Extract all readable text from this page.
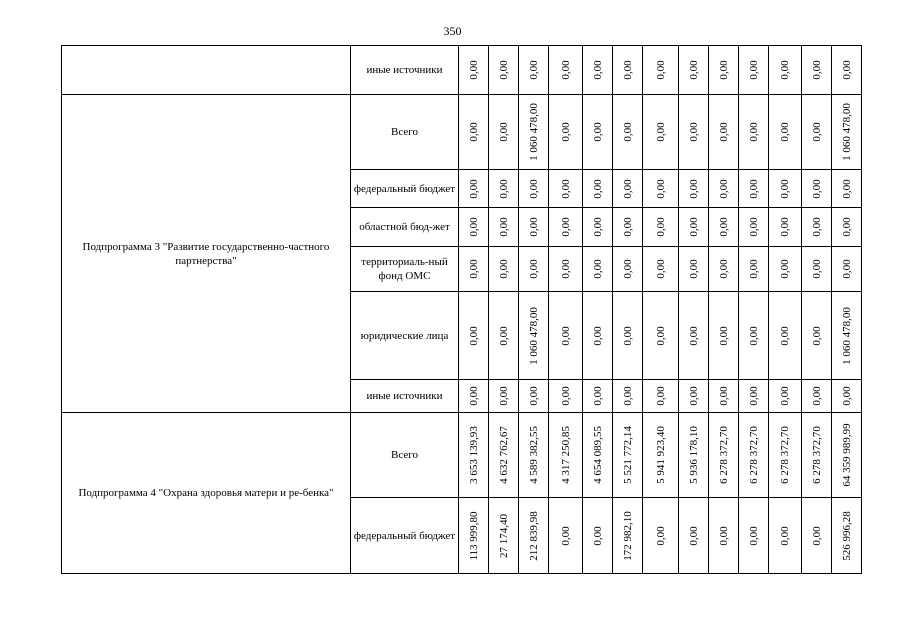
350
	иные источники	0,00	0,00	0,00	0,00	0,00	0,00	0,00	0,00	0,00	0,00	0,00	0,00	0,00

Подпрограмма 3 "Развитие государственно-частного партнерства"	Всего	0,00	0,00	1 060 478,00	0,00	0,00	0,00	0,00	0,00	0,00	0,00	0,00	0,00	1 060 478,00

	федеральный бюджет	0,00	0,00	0,00	0,00	0,00	0,00	0,00	0,00	0,00	0,00	0,00	0,00	0,00

	областной бюд-жет	0,00	0,00	0,00	0,00	0,00	0,00	0,00	0,00	0,00	0,00	0,00	0,00	0,00

	территориаль-ный фонд ОМС	0,00	0,00	0,00	0,00	0,00	0,00	0,00	0,00	0,00	0,00	0,00	0,00	0,00

	юридические лица	0,00	0,00	1 060 478,00	0,00	0,00	0,00	0,00	0,00	0,00	0,00	0,00	0,00	1 060 478,00

	иные источники	0,00	0,00	0,00	0,00	0,00	0,00	0,00	0,00	0,00	0,00	0,00	0,00	0,00

Подпрограмма 4 "Охрана здоровья матери и ре-бенка"	Всего	3 653 139,93	4 632 762,67	4 589 382,55	4 317 250,85	4 654 089,55	5 521 772,14	5 941 923,40	5 936 178,10	6 278 372,70	6 278 372,70	6 278 372,70	6 278 372,70	64 359 989,99

	федеральный бюджет	113 999,80	27 174,40	212 839,98	0,00	0,00	172 982,10	0,00	0,00	0,00	0,00	0,00	0,00	526 996,28
